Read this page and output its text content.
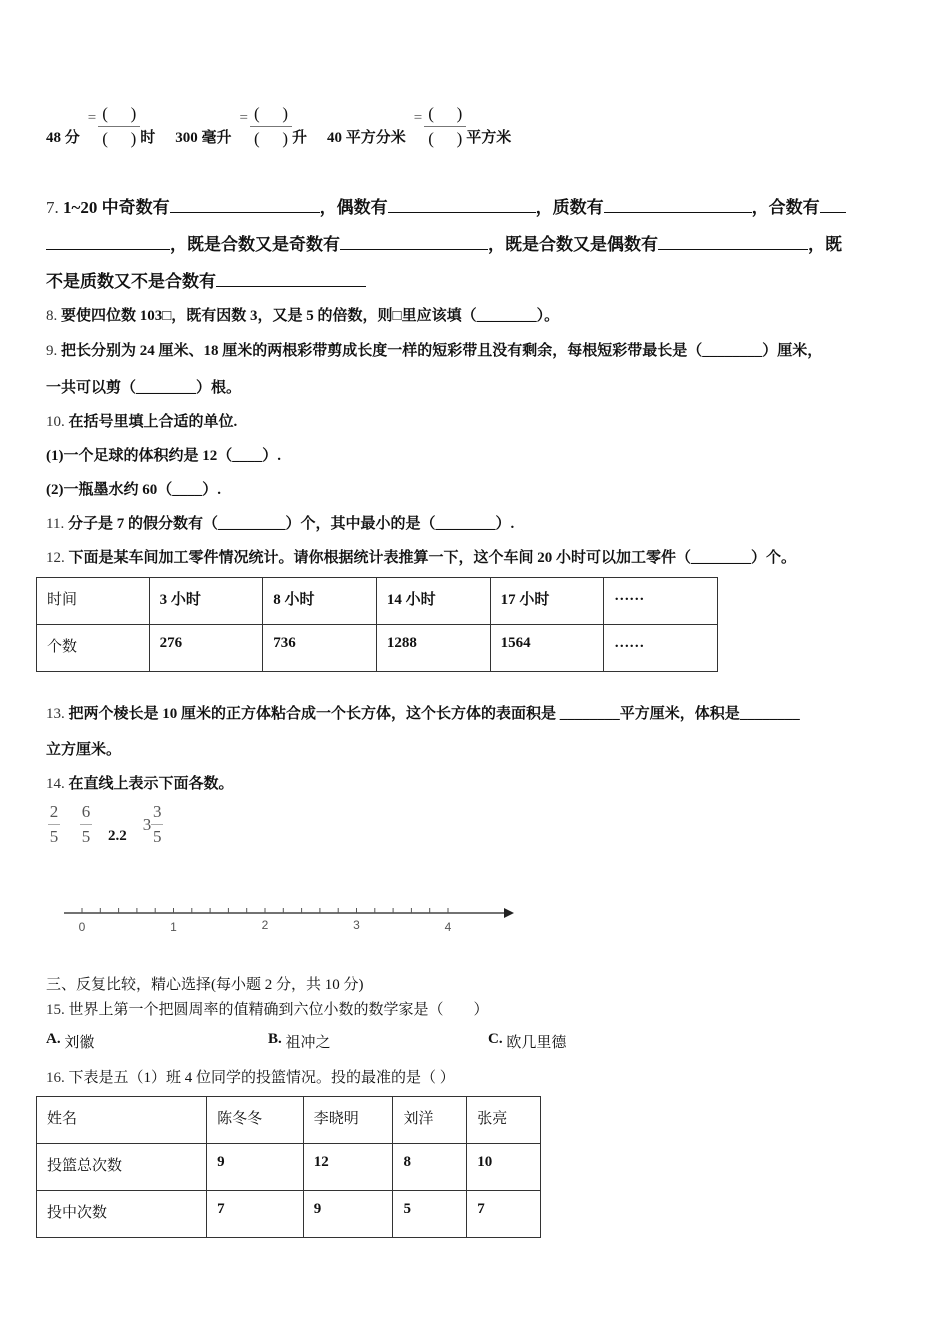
48 分
= $\frac{( )}{( )}$ 时 300 毫升
= $\frac{( )}{( )}$ 升 40 平方分米
= $\frac{( )}{( )}$ 平方米
7. 1~20 中奇数有	，偶数有	，质数有	，合数有
，既是合数又是奇数有	，既是合数又是偶数有	，既
不是质数又不是合数有
8. 要使四位数 103□，既有因数 3，又是 5 的倍数，则□里应该填（________）。
9. 把长分别为 24 厘米、18 厘米的两根彩带剪成长度一样的短彩带且没有剩余，每根短彩带最长是（________）厘米，
一共可以剪（________）根。
10. 在括号里填上合适的单位.
(1)一个足球的体积约是 12（____）.
(2)一瓶墨水约 60（____）.
11. 分子是 7 的假分数有（_________）个，其中最小的是（________）.
12. 下面是某车间加工零件情况统计。请你根据统计表推算一下，这个车间 20 小时可以加工零件（________）个。
时间	3 小时	8 小时	14 小时	17 小时	……
个数	276	736	1288	1564	……
13. 把两个棱长是 10 厘米的正方体粘合成一个长方体，这个长方体的表面积是 ________平方厘米，体积是________
立方厘米。
14. 在直线上表示下面各数。
$\frac{2}{5} \frac{6}{5} 2.2$
$3 \frac{3}{5}$
0	1	2	3	4
三、反复比较，精心选择(每小题 2 分，共 10 分)
15. 世界上第一个把圆周率的值精确到六位小数的数学家是（　　）
A. 刘徽	B. 祖冲之	C. 欧几里德
16. 下表是五（1）班 4 位同学的投篮情况。投的最准的是（ ）
姓名	陈冬冬	李晓明	刘洋	张亮
投篮总次数	9	12	8	10
投中次数	7	9	5	7
